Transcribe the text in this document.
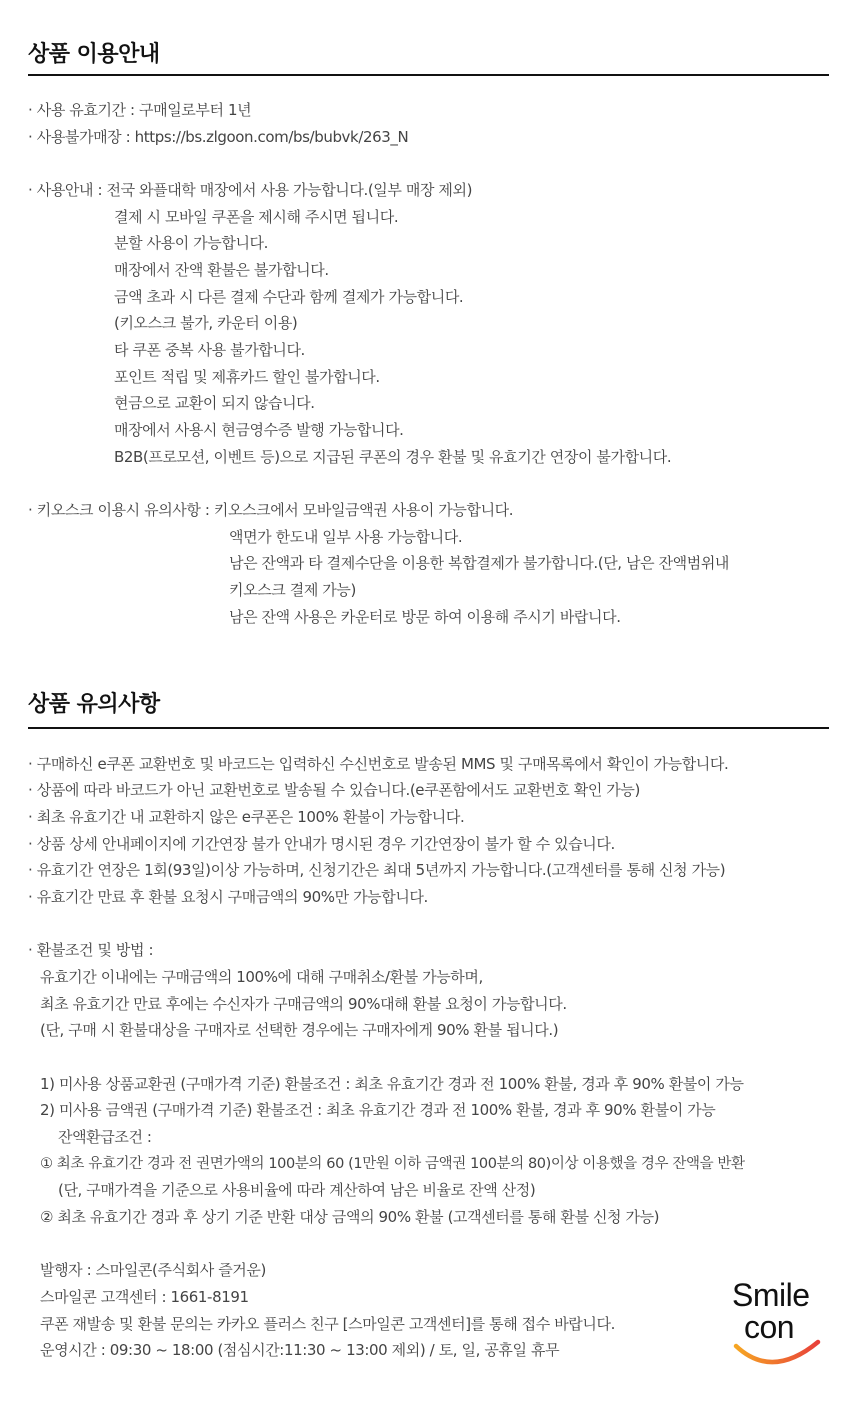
상품 이용안내
· 사용 유효기간 : 구매일로부터 1년
· 사용불가매장 : https://bs.zlgoon.com/bs/bubvk/263_N
· 사용안내 : 전국 와플대학 매장에서 사용 가능합니다.(일부 매장 제외)
결제 시 모바일 쿠폰을 제시해 주시면 됩니다.
분할 사용이 가능합니다.
매장에서 잔액 환불은 불가합니다.
금액 초과 시 다른 결제 수단과 함께 결제가 가능합니다.
(키오스크 불가, 카운터 이용)
타 쿠폰 중복 사용 불가합니다.
포인트 적립 및 제휴카드 할인 불가합니다.
현금으로 교환이 되지 않습니다.
매장에서 사용시 현금영수증 발행 가능합니다.
B2B(프로모션, 이벤트 등)으로 지급된 쿠폰의 경우 환불 및 유효기간 연장이 불가합니다.
· 키오스크 이용시 유의사항 : 키오스크에서 모바일금액권 사용이 가능합니다.
액면가 한도내 일부 사용 가능합니다.
남은 잔액과 타 결제수단을 이용한 복합결제가 불가합니다.(단, 남은 잔액범위내
키오스크 결제 가능)
남은 잔액 사용은 카운터로 방문 하여 이용해 주시기 바랍니다.
상품 유의사항
· 구매하신 e쿠폰 교환번호 및 바코드는 입력하신 수신번호로 발송된 MMS 및 구매목록에서 확인이 가능합니다.
· 상품에 따라 바코드가 아닌 교환번호로 발송될 수 있습니다.(e쿠폰함에서도 교환번호 확인 가능)
· 최초 유효기간 내 교환하지 않은 e쿠폰은 100% 환불이 가능합니다.
· 상품 상세 안내페이지에 기간연장 불가 안내가 명시된 경우 기간연장이 불가 할 수 있습니다.
· 유효기간 연장은 1회(93일)이상 가능하며, 신청기간은 최대 5년까지 가능합니다.(고객센터를 통해 신청 가능)
· 유효기간 만료 후 환불 요청시 구매금액의 90%만 가능합니다.
· 환불조건 및 방법 :
유효기간 이내에는 구매금액의 100%에 대해 구매취소/환불 가능하며,
최초 유효기간 만료 후에는 수신자가 구매금액의 90%대해 환불 요청이 가능합니다.
(단, 구매 시 환불대상을 구매자로 선택한 경우에는 구매자에게 90% 환불 됩니다.)
1) 미사용 상품교환권 (구매가격 기준) 환불조건 : 최초 유효기간 경과 전 100% 환불, 경과 후 90% 환불이 가능
2) 미사용 금액권 (구매가격 기준) 환불조건 : 최초 유효기간 경과 전 100% 환불, 경과 후 90% 환불이 가능
잔액환급조건 :
① 최초 유효기간 경과 전 권면가액의 100분의 60 (1만원 이하 금액권 100분의 80)이상 이용했을 경우 잔액을 반환
(단, 구매가격을 기준으로 사용비율에 따라 계산하여 남은 비율로 잔액 산정)
② 최초 유효기간 경과 후 상기 기준 반환 대상 금액의 90% 환불 (고객센터를 통해 환불 신청 가능)
발행자 : 스마일콘(주식회사 즐거운)
스마일콘 고객센터 : 1661-8191
쿠폰 재발송 및 환불 문의는 카카오 플러스 친구 [스마일콘 고객센터]를 통해 접수 바랍니다.
운영시간 : 09:30 ~ 18:00 (점심시간:11:30 ~ 13:00 제외) / 토, 일, 공휴일 휴무
Smile
con
